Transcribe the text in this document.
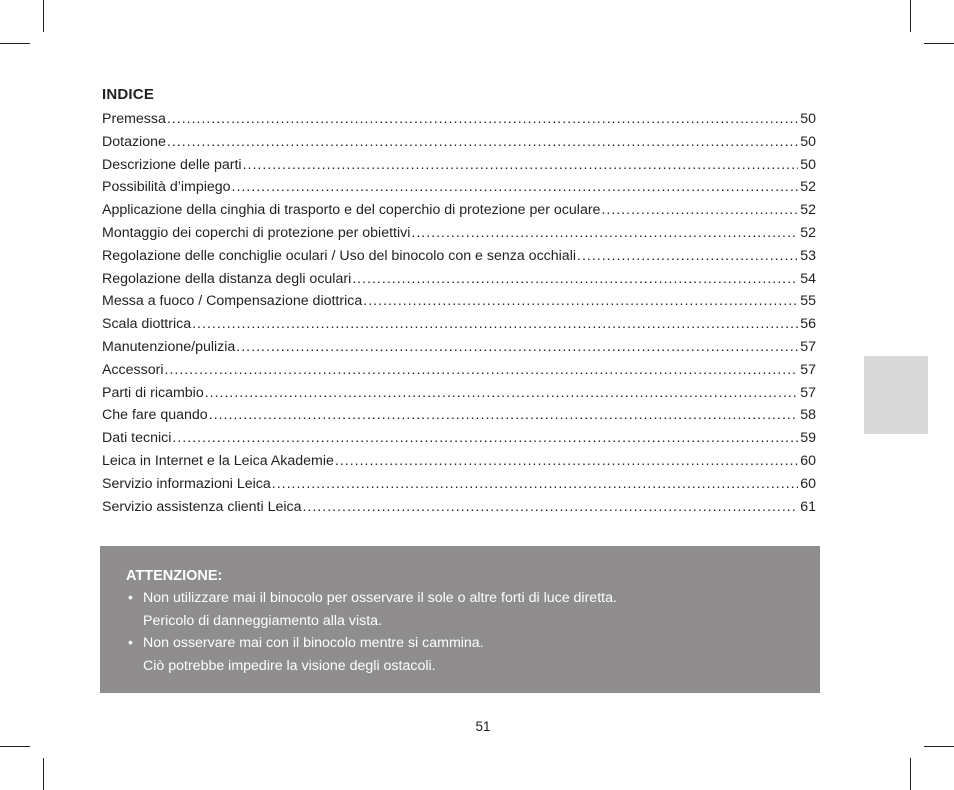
INDICE
Premessa .....	50
Dotazione .....	50
Descrizione delle parti .....	50
Possibilità d’impiego .....	52
Applicazione della cinghia di trasporto e del coperchio di protezione per oculare .....	52
Montaggio dei coperchi di protezione per obiettivi .....	52
Regolazione delle conchiglie oculari / Uso del binocolo con e senza occhiali .....	53
Regolazione della distanza degli oculari .....	54
Messa a fuoco / Compensazione diottrica .....	55
Scala diottrica .....	56
Manutenzione/pulizia .....	57
Accessori .....	57
Parti di ricambio .....	57
Che fare quando .....	58
Dati tecnici .....	59
Leica in Internet e la Leica Akademie .....	60
Servizio informazioni Leica .....	60
Servizio assistenza clienti Leica .....	61
ATTENZIONE:
• Non utilizzare mai il binocolo per osservare il sole o altre forti di luce diretta.
Pericolo di danneggiamento alla vista.
• Non osservare mai con il binocolo mentre si cammina.
Ciò potrebbe impedire la visione degli ostacoli.
51
